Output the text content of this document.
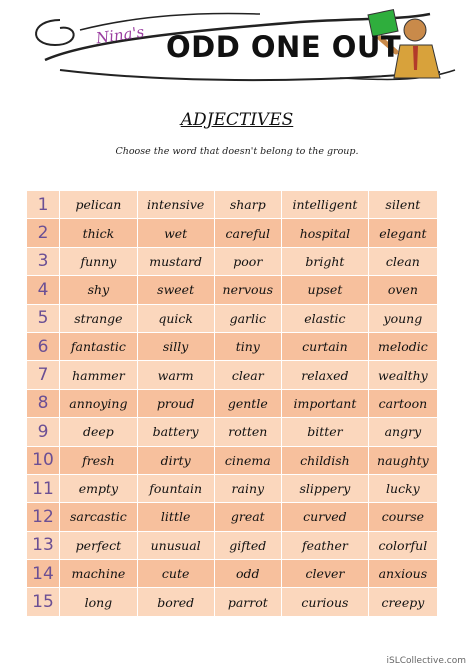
Nina's ODD ONE OUT
ADJECTIVES
Choose the word that doesn't belong to the group.
1	pelican	intensive	sharp	intelligent	silent
2	thick	wet	careful	hospital	elegant
3	funny	mustard	poor	bright	clean
4	shy	sweet	nervous	upset	oven
5	strange	quick	garlic	elastic	young
6	fantastic	silly	tiny	curtain	melodic
7	hammer	warm	clear	relaxed	wealthy
8	annoying	proud	gentle	important	cartoon
9	deep	battery	rotten	bitter	angry
10	fresh	dirty	cinema	childish	naughty
11	empty	fountain	rainy	slippery	lucky
12	sarcastic	little	great	curved	course
13	perfect	unusual	gifted	feather	colorful
14	machine	cute	odd	clever	anxious
15	long	bored	parrot	curious	creepy
iSLCollective.com
